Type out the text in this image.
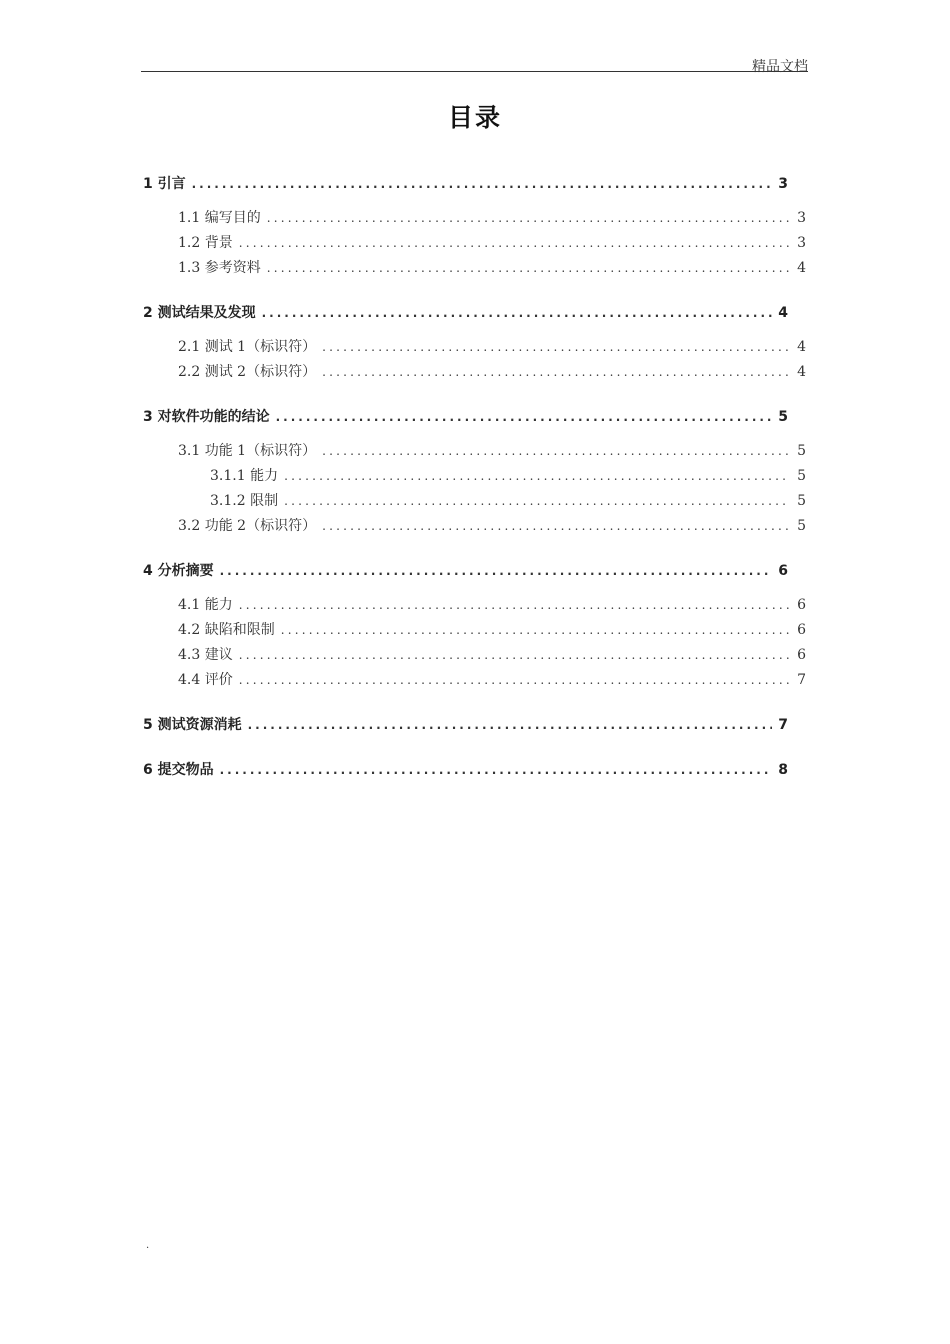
精品文档
目录
1 引言 .....	3
1.1 编写目的 .....	3
1.2 背景 .....	3
1.3 参考资料 .....	4
2 测试结果及发现 .....	4
2.1 测试 1（标识符） .....	4
2.2 测试 2（标识符） .....	4
3 对软件功能的结论 .....	5
3.1 功能 1（标识符） .....	5
3.1.1 能力 .....	5
3.1.2 限制 .....	5
3.2 功能 2（标识符） .....	5
4 分析摘要 .....	6
4.1 能力 .....	6
4.2 缺陷和限制 .....	6
4.3 建议 .....	6
4.4 评价 .....	7
5 测试资源消耗 .....	7
6 提交物品 .....	8
.
